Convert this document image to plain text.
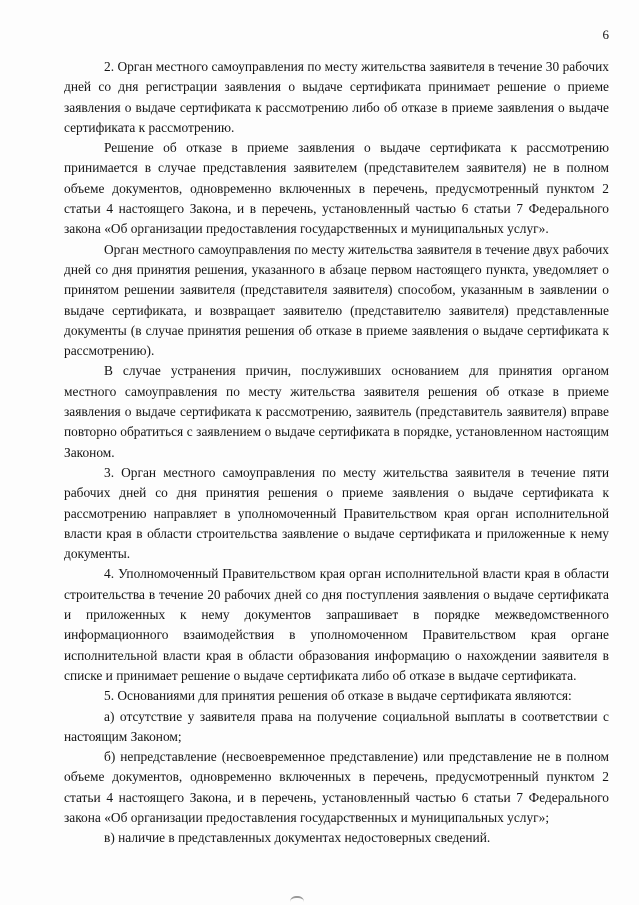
6

2. Орган местного самоуправления по месту жительства заявителя в течение 30 рабочих дней со дня регистрации заявления о выдаче сертификата принимает решение о приеме заявления о выдаче сертификата к рассмотрению либо об отказе в приеме заявления о выдаче сертификата к рассмотрению.

Решение об отказе в приеме заявления о выдаче сертификата к рассмотрению принимается в случае представления заявителем (представителем заявителя) не в полном объеме документов, одновременно включенных в перечень, предусмотренный пунктом 2 статьи 4 настоящего Закона, и в перечень, установленный частью 6 статьи 7 Федерального закона «Об организации предоставления государственных и муниципальных услуг».

Орган местного самоуправления по месту жительства заявителя в течение двух рабочих дней со дня принятия решения, указанного в абзаце первом настоящего пункта, уведомляет о принятом решении заявителя (представителя заявителя) способом, указанным в заявлении о выдаче сертификата, и возвращает заявителю (представителю заявителя) представленные документы (в случае принятия решения об отказе в приеме заявления о выдаче сертификата к рассмотрению).

В случае устранения причин, послуживших основанием для принятия органом местного самоуправления по месту жительства заявителя решения об отказе в приеме заявления о выдаче сертификата к рассмотрению, заявитель (представитель заявителя) вправе повторно обратиться с заявлением о выдаче сертификата в порядке, установленном настоящим Законом.

3. Орган местного самоуправления по месту жительства заявителя в течение пяти рабочих дней со дня принятия решения о приеме заявления о выдаче сертификата к рассмотрению направляет в уполномоченный Правительством края орган исполнительной власти края в области строительства заявление о выдаче сертификата и приложенные к нему документы.

4. Уполномоченный Правительством края орган исполнительной власти края в области строительства в течение 20 рабочих дней со дня поступления заявления о выдаче сертификата и приложенных к нему документов запрашивает в порядке межведомственного информационного взаимодействия в уполномоченном Правительством края органе исполнительной власти края в области образования информацию о нахождении заявителя в списке и принимает решение о выдаче сертификата либо об отказе в выдаче сертификата.

5. Основаниями для принятия решения об отказе в выдаче сертификата являются:

а) отсутствие у заявителя права на получение социальной выплаты в соответствии с настоящим Законом;

б) непредставление (несвоевременное представление) или представление не в полном объеме документов, одновременно включенных в перечень, предусмотренный пунктом 2 статьи 4 настоящего Закона, и в перечень, установленный частью 6 статьи 7 Федерального закона «Об организации предоставления государственных и муниципальных услуг»;

в) наличие в представленных документах недостоверных сведений.
